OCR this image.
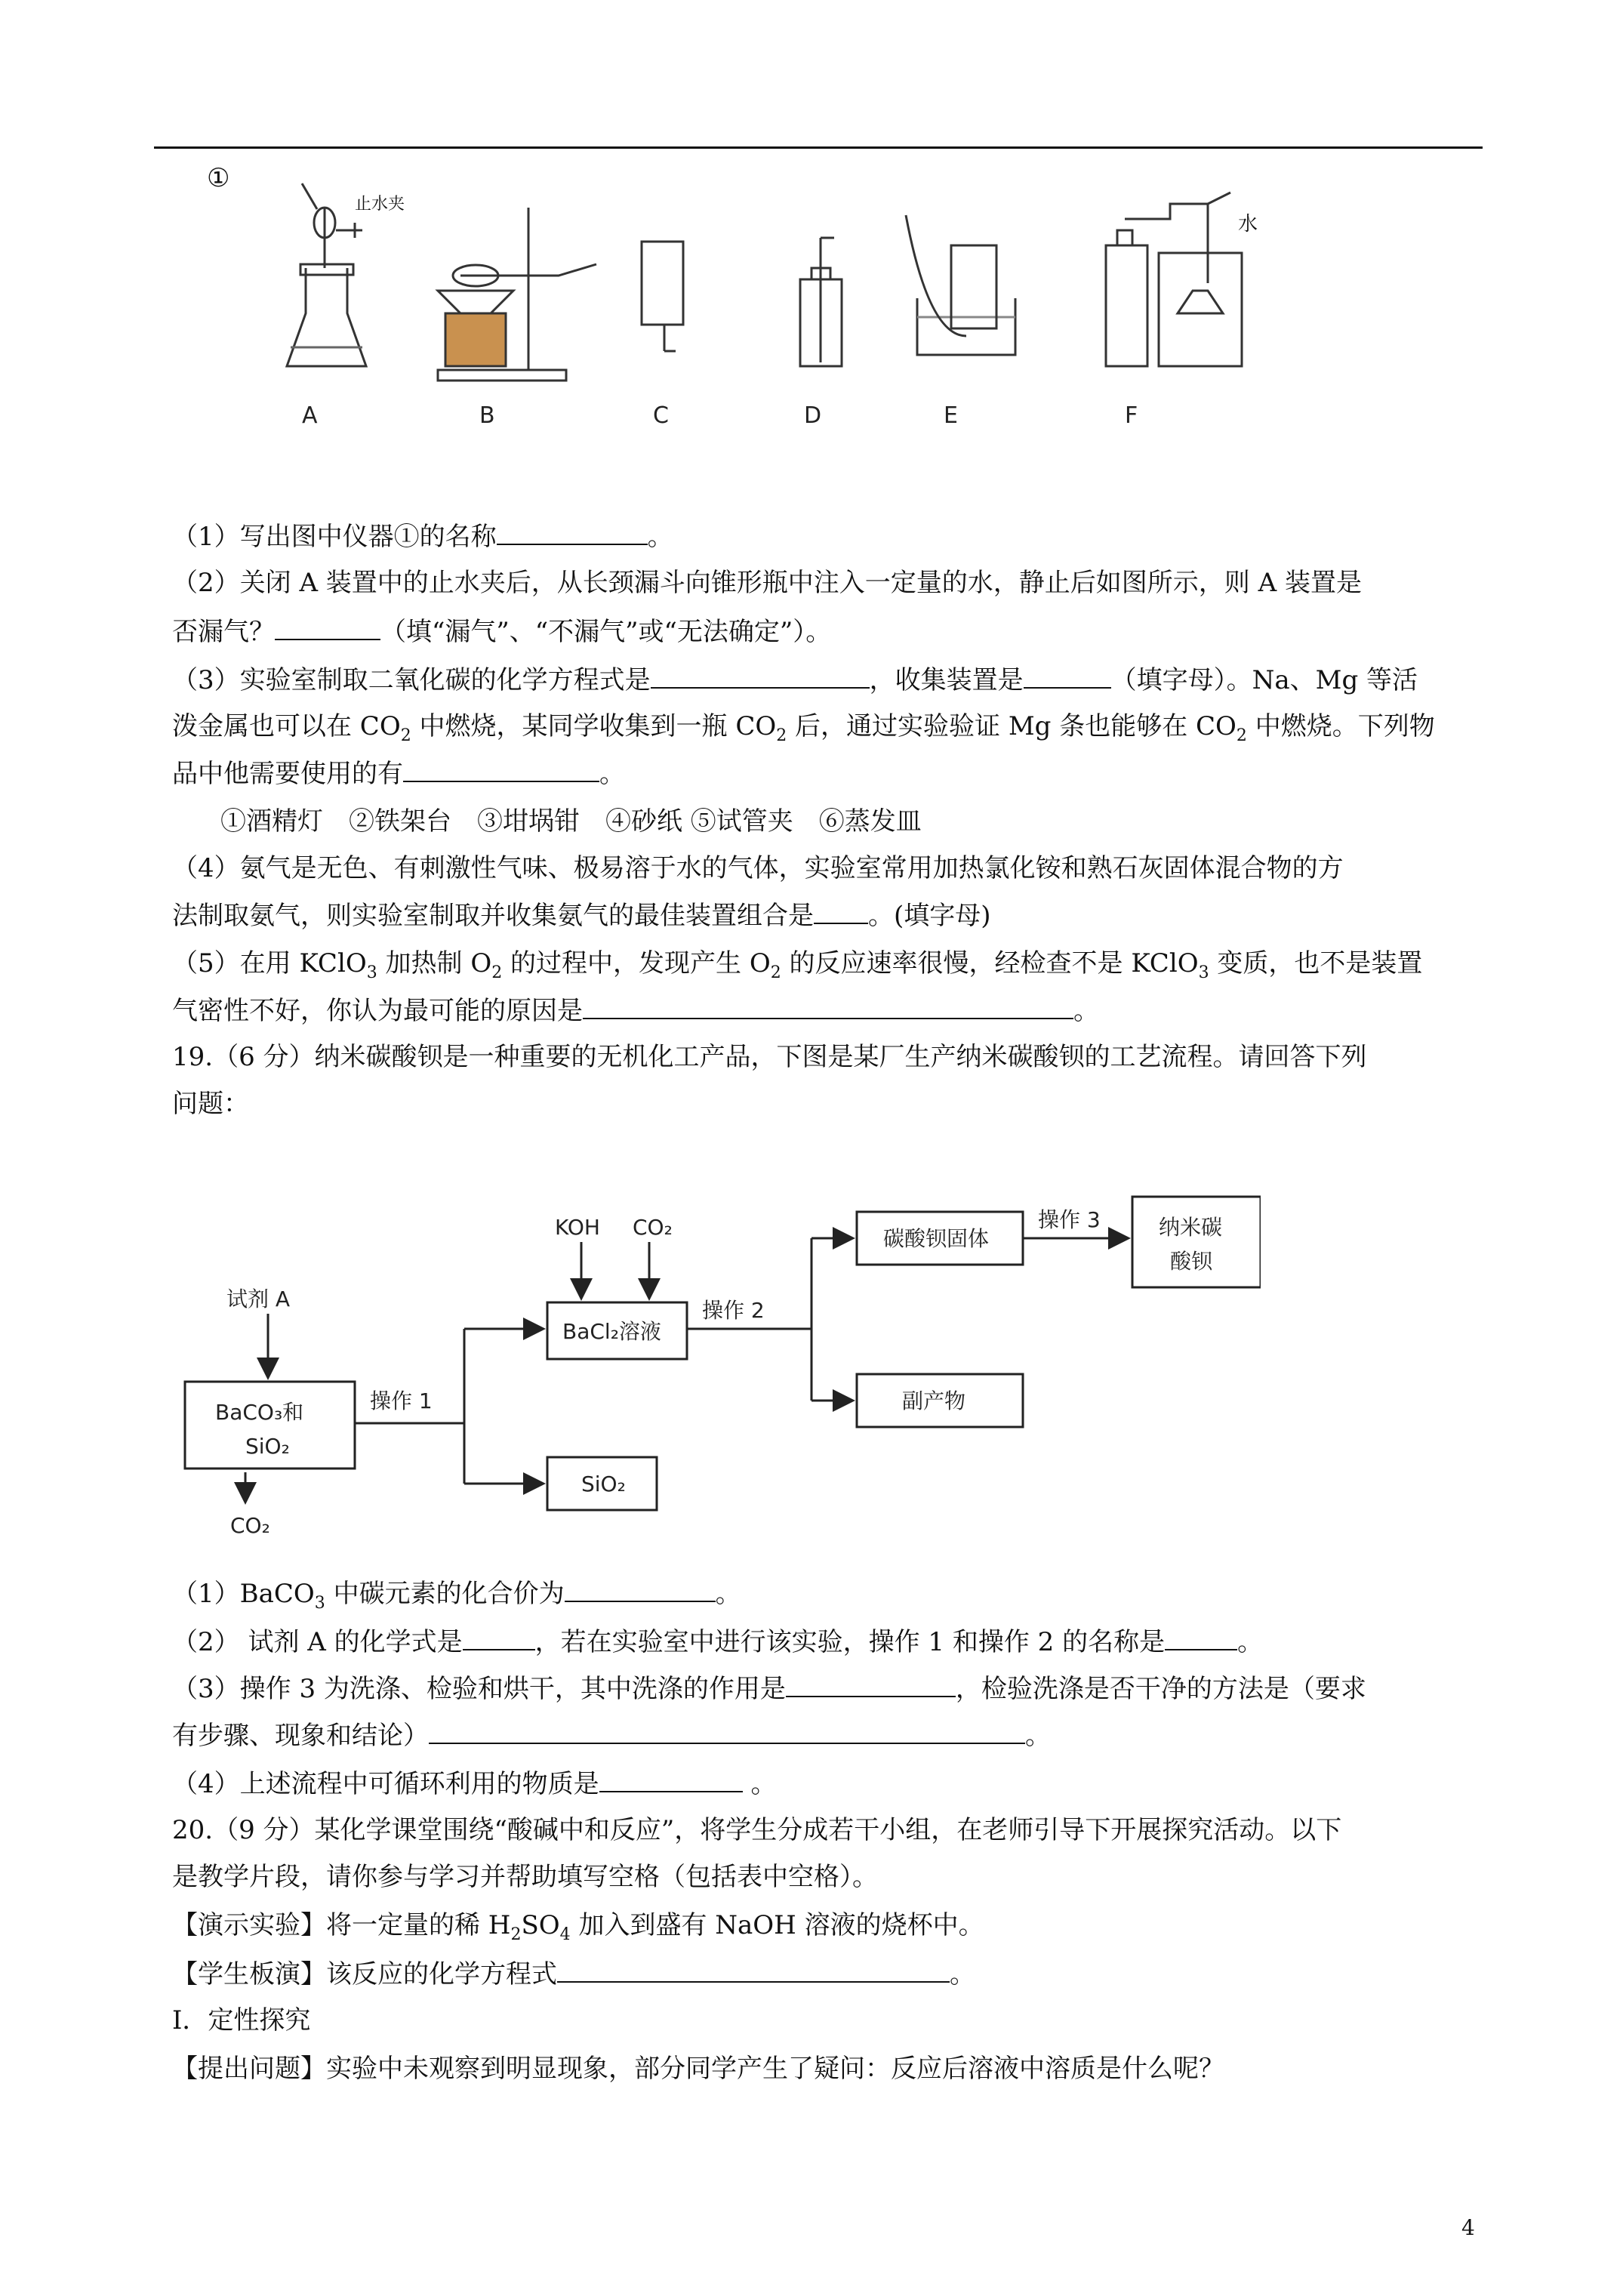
①
止水夹
水
A	B	C	D	E	F
（1）写出图中仪器①的名称	。
（2）关闭 A 装置中的止水夹后，从长颈漏斗向锥形瓶中注入一定量的水，静止后如图所示，则 A 装置是
否漏气？	（填“漏气”、“不漏气”或“无法确定”）。
（3）实验室制取二氧化碳的化学方程式是	，收集装置是	（填字母）。Na、Mg 等活
泼金属也可以在 $CO_2$ 中燃烧，某同学收集到一瓶 $CO_2$ 后，通过实验验证 Mg 条也能够在 $CO_2$ 中燃烧。下列物
品中他需要使用的有	。
①酒精灯　②铁架台　③坩埚钳　④砂纸 ⑤试管夹　⑥蒸发皿
（4）氨气是无色、有刺激性气味、极易溶于水的气体，实验室常用加热氯化铵和熟石灰固体混合物的方
法制取氨气，则实验室制取并收集氨气的最佳装置组合是 。(填字母)
（5）在用 KClO$_3$ 加热制 $O_2$ 的过程中，发现产生 $O_2$ 的反应速率很慢，经检查不是 KClO$_3$ 变质，也不是装置
气密性不好，你认为最可能的原因是	。
19.（6 分）纳米碳酸钡是一种重要的无机化工产品，下图是某厂生产纳米碳酸钡的工艺流程。请回答下列
问题：
试剂 A
KOH CO₂
BaCO₃和
SiO₂
CO₂
操作 1
BaCl₂溶液
SiO₂
操作 2
碳酸钡固体
副产物
操作 3	纳米碳
酸钡
（1）BaCO$_3$ 中碳元素的化合价为	。
（2） 试剂 A 的化学式是	，若在实验室中进行该实验，操作 1 和操作 2 的名称是	。
（3）操作 3 为洗涤、检验和烘干，其中洗涤的作用是	，检验洗涤是否干净的方法是（要求
有步骤、现象和结论）	。
（4）上述流程中可循环利用的物质是	。
20.（9 分）某化学课堂围绕“酸碱中和反应”，将学生分成若干小组，在老师引导下开展探究活动。以下
是教学片段，请你参与学习并帮助填写空格（包括表中空格）。
【演示实验】将一定量的稀 $H_2SO_4$ 加入到盛有 NaOH 溶液的烧杯中。
【学生板演】该反应的化学方程式	。
Ⅰ．定性探究
【提出问题】实验中未观察到明显现象，部分同学产生了疑问：反应后溶液中溶质是什么呢？
4
